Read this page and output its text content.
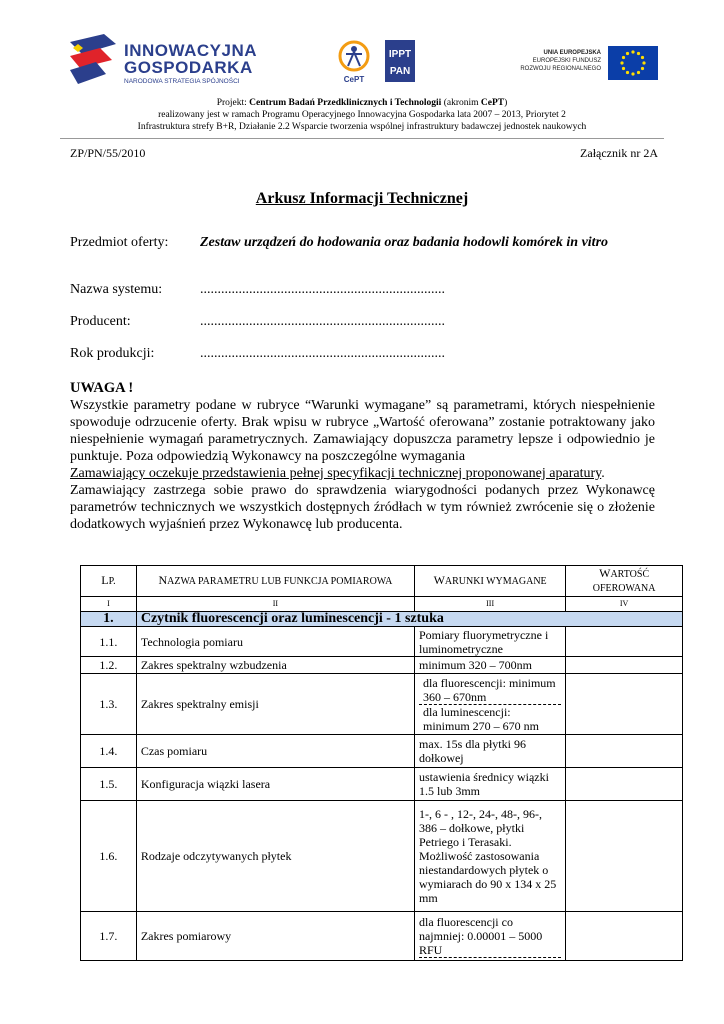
INNOWACYJNA
GOSPODARKA
NARODOWA STRATEGIA SPÓJNOŚCI	CePT
IPPT
PAN
UNIA EUROPEJSKA
EUROPEJSKI FUNDUSZ
ROZWOJU REGIONALNEGO
Projekt: Centrum Badań Przedklinicznych i Technologii (akronim CePT)
realizowany jest w ramach Programu Operacyjnego Innowacyjna Gospodarka lata 2007 – 2013, Priorytet 2
Infrastruktura strefy B+R, Działanie 2.2 Wsparcie tworzenia wspólnej infrastruktury badawczej jednostek naukowych
ZP/PN/55/2010	Załącznik nr 2A
Arkusz Informacji Technicznej
Przedmiot oferty: Zestaw urządzeń do hodowania oraz badania hodowli komórek in vitro
Nazwa systemu:	......................................................................
Producent:	......................................................................
Rok produkcji:	......................................................................
UWAGA !

Wszystkie parametry podane w rubryce “Warunki wymagane” są parametrami, których niespełnienie spowoduje odrzucenie oferty. Brak wpisu w rubryce „Wartość oferowana” zostanie potraktowany jako niespełnienie wymagań parametrycznych. Zamawiający dopuszcza parametry lepsze i odpowiednio je punktuje. Poza odpowiedzią Wykonawcy na poszczególne wymagania

Zamawiający oczekuje przedstawienia pełnej specyfikacji technicznej proponowanej aparatury.

Zamawiający zastrzega sobie prawo do sprawdzenia wiarygodności podanych przez Wykonawcę parametrów technicznych we wszystkich dostępnych źródłach w tym również zwrócenie się o złożenie dodatkowych wyjaśnień przez Wykonawcę lub producenta.

LP.	NAZWA PARAMETRU LUB FUNKCJA POMIAROWA	WARUNKI WYMAGANE	WARTOŚĆ OFEROWANA
I	II	III	IV
1.	Czytnik fluorescencji oraz luminescencji - 1 sztuka		
1.1.	Technologia pomiaru	Pomiary fluorymetryczne i luminometryczne	
1.2.	Zakres spektralny wzbudzenia	minimum 320 – 700nm	
1.3.	Zakres spektralny emisji	dla fluorescencji: minimum 360 – 670nm
dla luminescencji: minimum 270 – 670 nm	

1.4.	Czas pomiaru	max. 15s dla płytki 96 dołkowej	
1.5.	Konfiguracja wiązki lasera	ustawienia średnicy wiązki 1.5 lub 3mm	
1.6.	Rodzaje odczytywanych płytek	1-, 6 - , 12-, 24-, 48-, 96-, 386 – dołkowe, płytki Petriego i Terasaki. Możliwość zastosowania niestandardowych płytek o wymiarach do 90 x 134 x 25 mm	
1.7.	Zakres pomiarowy	dla fluorescencji co najmniej: 0.00001 – 5000 RFU	
